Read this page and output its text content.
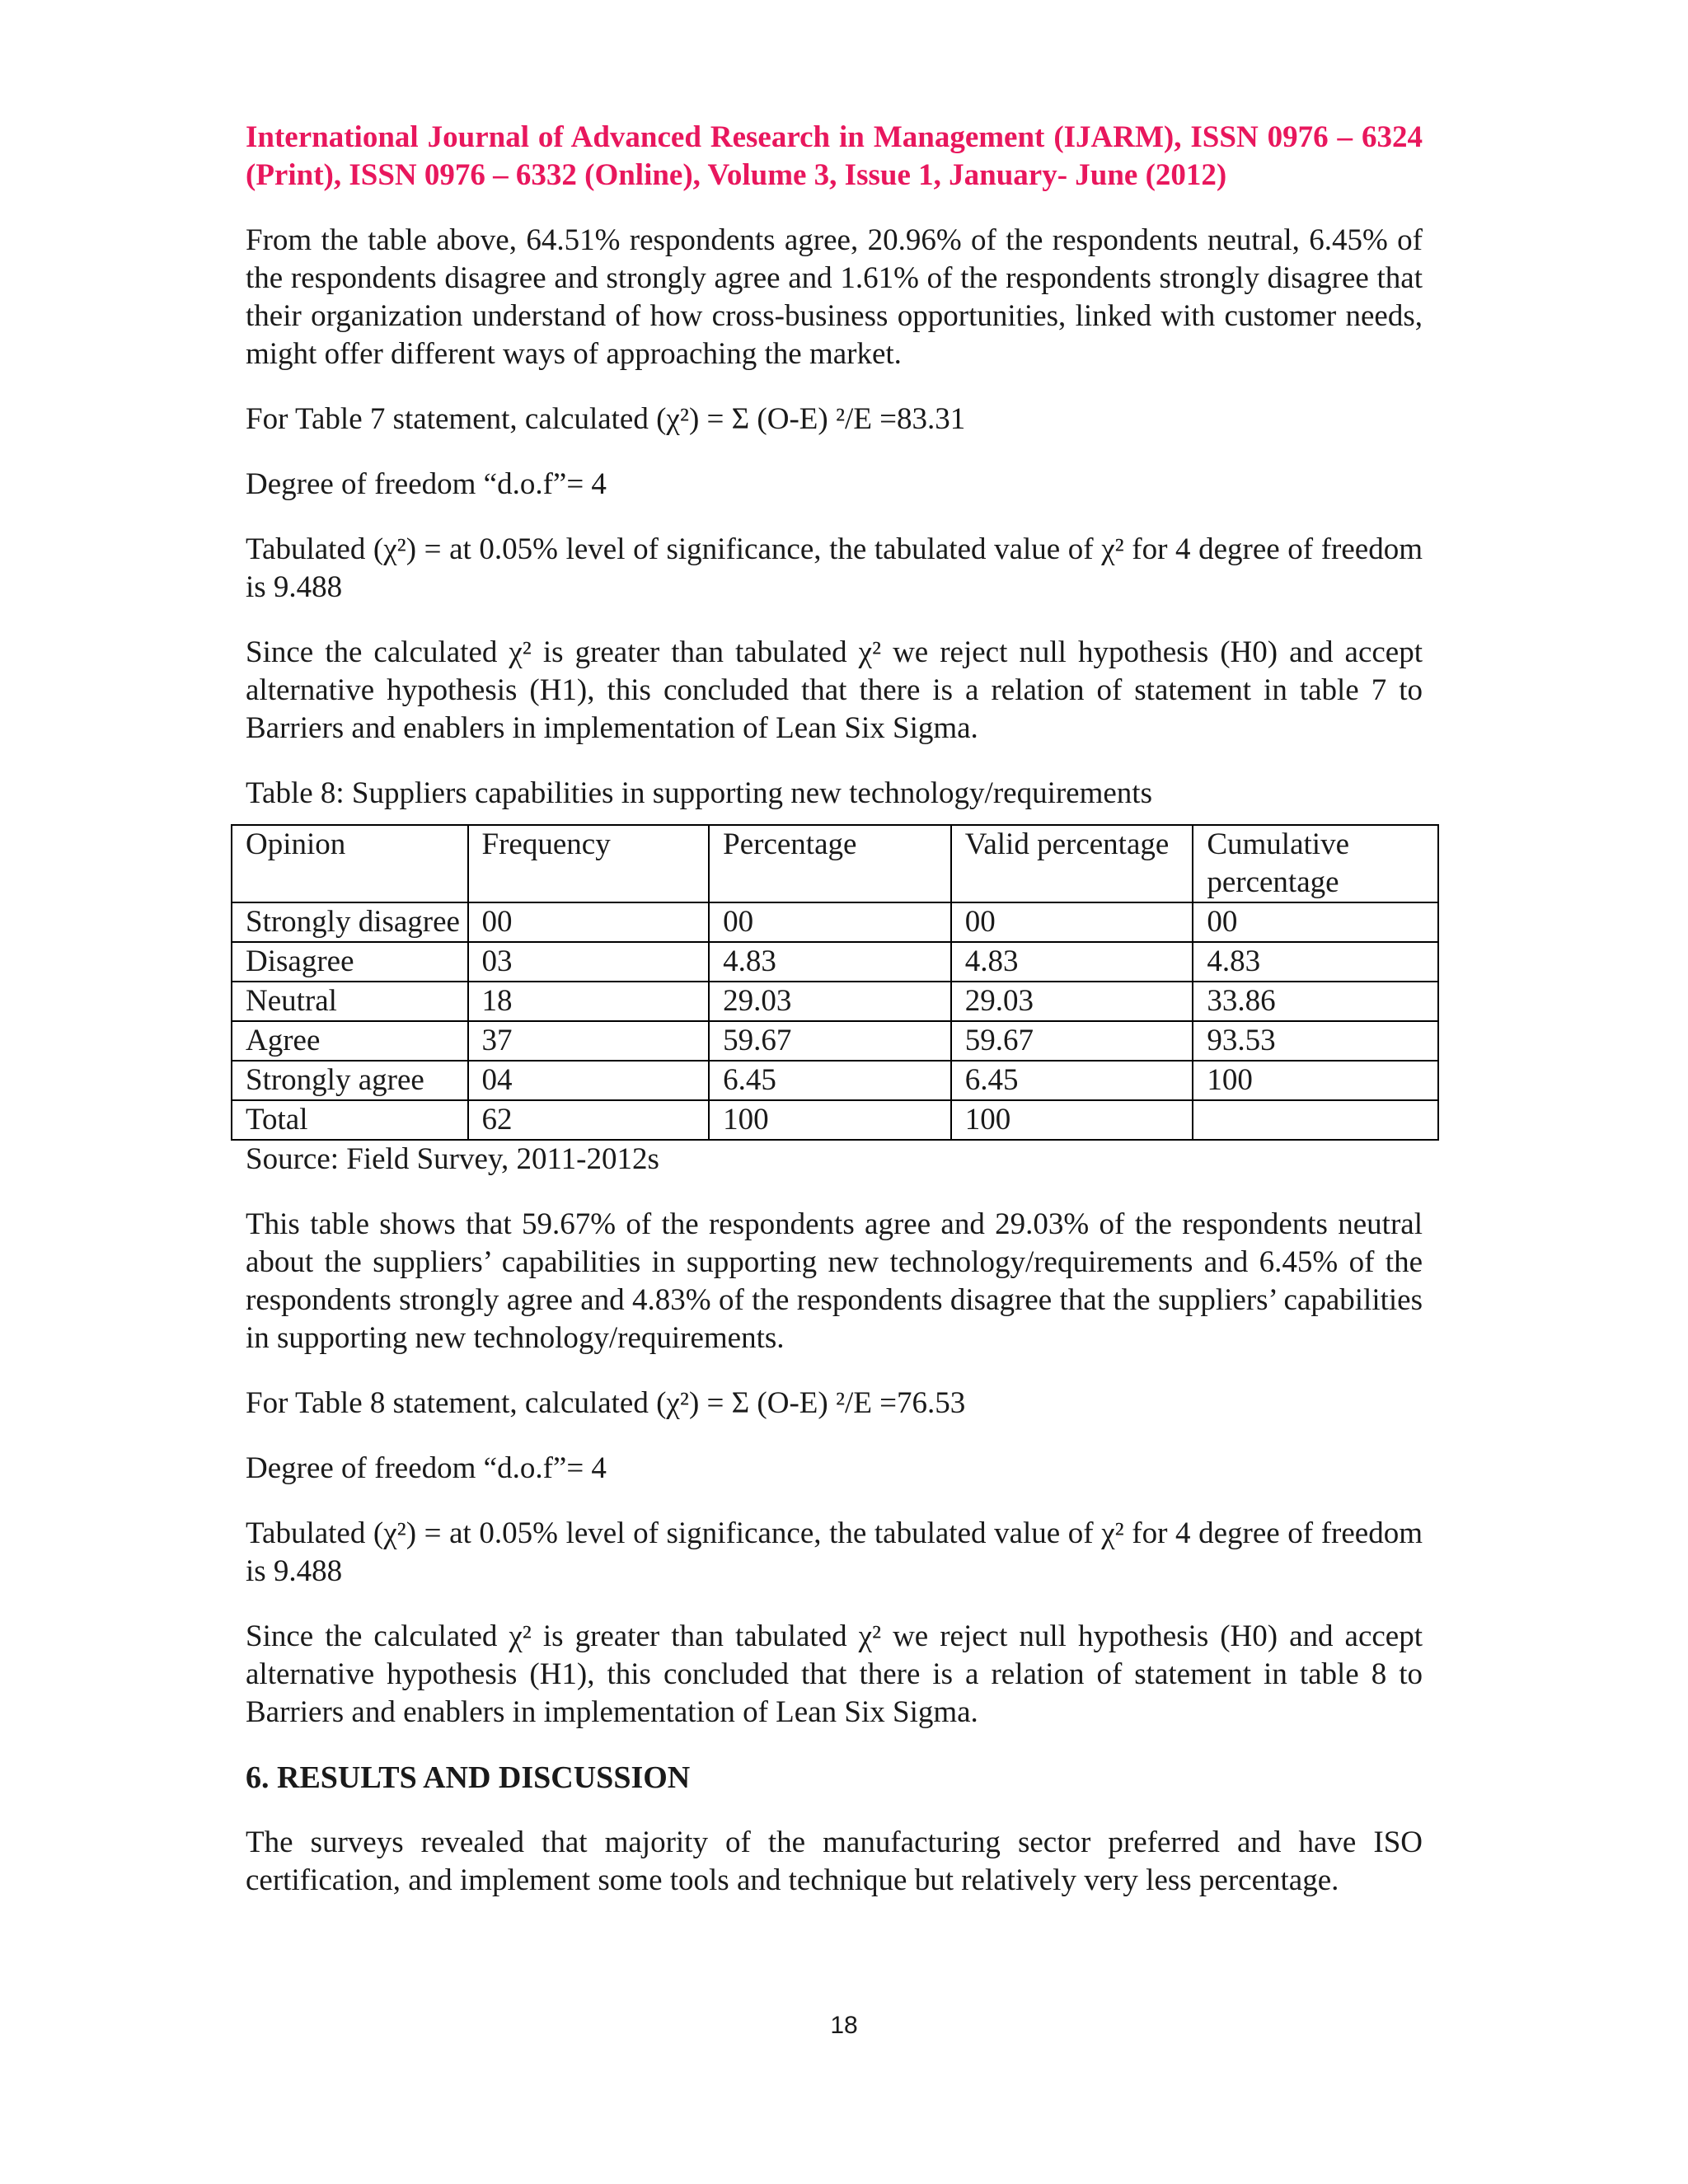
International Journal of Advanced Research in Management (IJARM), ISSN 0976 – 6324
(Print), ISSN 0976 – 6332 (Online), Volume 3, Issue 1, January- June (2012)

From the table above, 64.51% respondents agree, 20.96% of the respondents neutral, 6.45% of the respondents disagree and strongly agree and 1.61% of the respondents strongly disagree that their organization understand of how cross-business opportunities, linked with customer needs, might offer different ways of approaching the market.

For Table 7 statement, calculated (χ²) = Σ (O-E) ²/E =83.31

Degree of freedom “d.o.f”= 4

Tabulated (χ²) = at 0.05% level of significance, the tabulated value of χ² for 4 degree of freedom is 9.488

Since the calculated χ² is greater than tabulated χ² we reject null hypothesis (H0) and accept alternative hypothesis (H1), this concluded that there is a relation of statement in table 7 to Barriers and enablers in implementation of Lean Six Sigma.

Table 8: Suppliers capabilities in supporting new technology/requirements

Opinion	Frequency	Percentage	Valid percentage	Cumulative percentage
Strongly disagree	00	00	00	00
Disagree	03	4.83	4.83	4.83
Neutral	18	29.03	29.03	33.86
Agree	37	59.67	59.67	93.53
Strongly agree	04	6.45	6.45	100
Total	62	100	100	

Source: Field Survey, 2011-2012s

This table shows that 59.67% of the respondents agree and 29.03% of the respondents neutral about the suppliers’ capabilities in supporting new technology/requirements and 6.45% of the respondents strongly agree and 4.83% of the respondents disagree that the suppliers’ capabilities in supporting new technology/requirements.

For Table 8 statement, calculated (χ²) = Σ (O-E) ²/E =76.53

Degree of freedom “d.o.f”= 4

Tabulated (χ²) = at 0.05% level of significance, the tabulated value of χ² for 4 degree of freedom is 9.488

Since the calculated χ² is greater than tabulated χ² we reject null hypothesis (H0) and accept alternative hypothesis (H1), this concluded that there is a relation of statement in table 8 to Barriers and enablers in implementation of Lean Six Sigma.

6. RESULTS AND DISCUSSION

The surveys revealed that majority of the manufacturing sector preferred and have ISO certification, and implement some tools and technique but relatively very less percentage.

18
